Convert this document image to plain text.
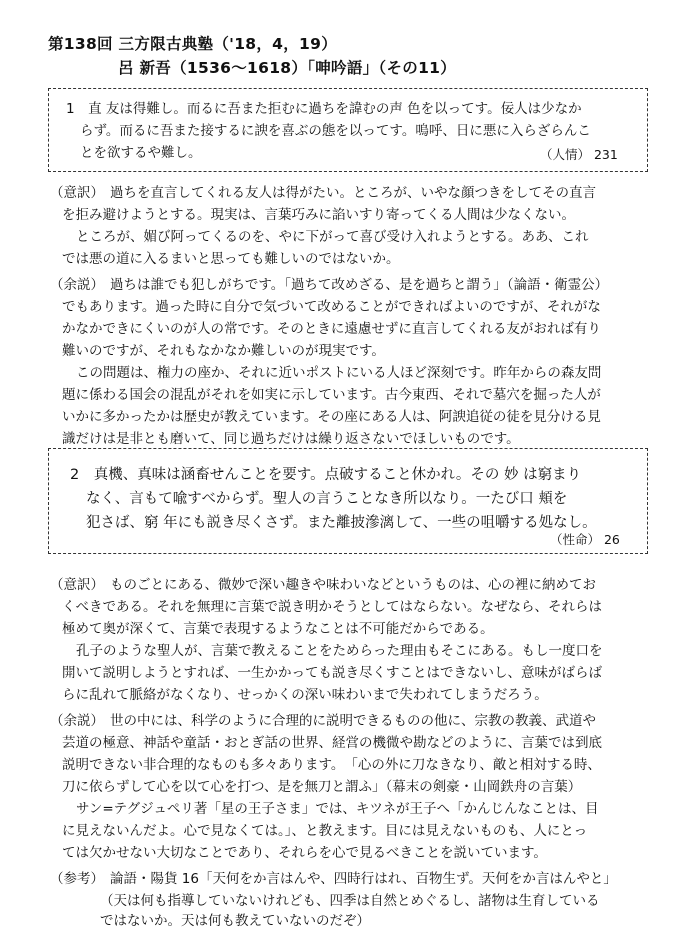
第138回 三方限古典塾（'18，4，19）
呂 新吾（1536〜1618）「呻吟語」（その11）
1　直 友は得難し。而るに吾また拒むに過ちを諱むの声 色を以ってす。佞人は少なか
らず。而るに吾また接するに諛を喜ぶの態を以ってす。嗚呼、日に悪に入らざらんこ
とを欲するや難し。	（人情） 231
（意訳） 過ちを直言してくれる友人は得がたい。ところが、いやな顔つきをしてその直言
を拒み避けようとする。現実は、言葉巧みに諂いすり寄ってくる人間は少なくない。
ところが、媚び阿ってくるのを、やに下がって喜び受け入れようとする。ああ、これ
では悪の道に入るまいと思っても難しいのではないか。
（余説） 過ちは誰でも犯しがちです。「過ちて改めざる、是を過ちと謂う」（論語・衛霊公）
でもあります。過った時に自分で気づいて改めることができればよいのですが、それがな
かなかできにくいのが人の常です。そのときに遠慮せずに直言してくれる友がおれば有り
難いのですが、それもなかなか難しいのが現実です。
この問題は、権力の座か、それに近いポストにいる人ほど深刻です。昨年からの森友問
題に係わる国会の混乱がそれを如実に示しています。古今東西、それで墓穴を掘った人が
いかに多かったかは歴史が教えています。その座にある人は、阿諛追従の徒を見分ける見
識だけは是非とも磨いて、同じ過ちだけは繰り返さないでほしいものです。
2　真機、真味は涵畜せんことを要す。点破すること休かれ。その 妙 は窮まり
なく、言もて喩すべからず。聖人の言うことなき所以なり。一たび口 頬を
犯さば、窮 年にも説き尽くさず。また離披滲漓して、一些の咀嚼する処なし。
（性命） 26
（意訳） ものごとにある、微妙で深い趣きや味わいなどというものは、心の裡に納めてお
くべきである。それを無理に言葉で説き明かそうとしてはならない。なぜなら、それらは
極めて奥が深くて、言葉で表現するようなことは不可能だからである。
孔子のような聖人が、言葉で教えることをためらった理由もそこにある。もし一度口を
開いて説明しようとすれば、一生かかっても説き尽くすことはできないし、意味がばらば
らに乱れて脈絡がなくなり、せっかくの深い味わいまで失われてしまうだろう。
（余説） 世の中には、科学のように合理的に説明できるものの他に、宗教の教義、武道や
芸道の極意、神話や童話・おとぎ話の世界、経営の機微や勘などのように、言葉では到底
説明できない非合理的なものも多々あります。　「心の外に刀なきなり、敵と相対する時、
刀に依らずして心を以て心を打つ、是を無刀と謂ふ」（幕末の剣豪・山岡鉄舟の言葉）
サン=テグジュペリ著「星の王子さま」では、キツネが王子へ「かんじんなことは、目
に見えないんだよ。心で見なくては。」、と教えます。目には見えないものも、人にとっ
ては欠かせない大切なことであり、それらを心で見るべきことを説いています。
（参考） 論語・陽貨 16「天何をか言はんや、四時行はれ、百物生ず。天何をか言はんやと」
（天は何も指導していないけれども、四季は自然とめぐるし、諸物は生育している
ではないか。天は何も教えていないのだぞ）
